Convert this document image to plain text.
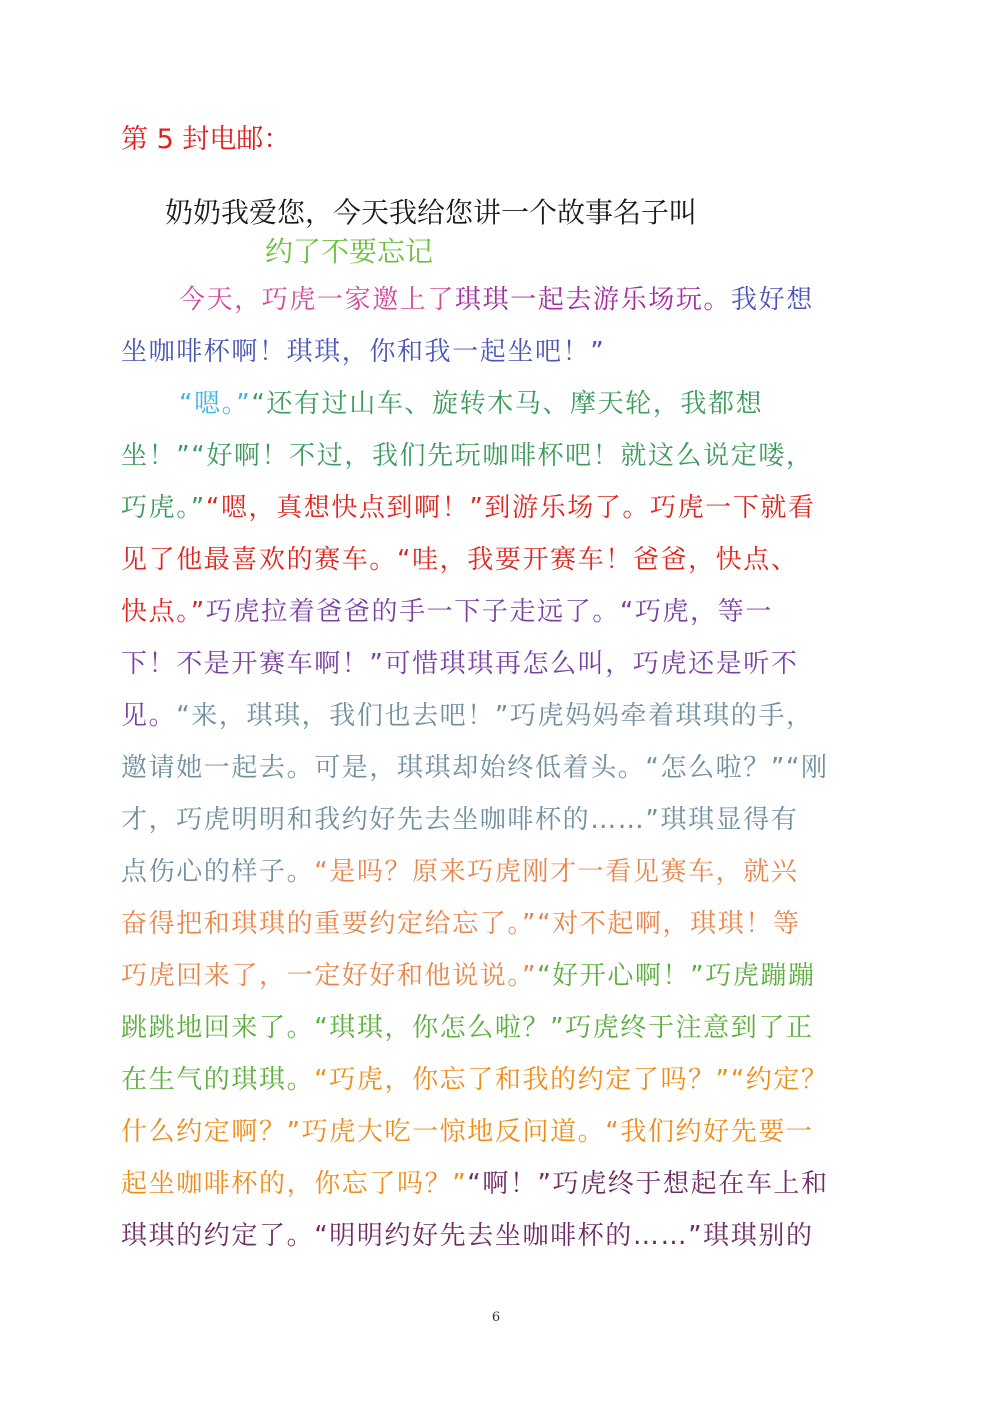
第 5 封电邮：
奶奶我爱您，今天我给您讲一个故事名子叫
约了不要忘记
今天，巧虎一家邀上了琪琪一起去游乐场玩。我好想
坐咖啡杯啊！琪琪，你和我一起坐吧！”
“嗯。”“还有过山车、旋转木马、摩天轮，我都想
坐！”“好啊！不过，我们先玩咖啡杯吧！就这么说定喽，
巧虎。”“嗯，真想快点到啊！”到游乐场了。巧虎一下就看
见了他最喜欢的赛车。“哇，我要开赛车！爸爸，快点、
快点。”巧虎拉着爸爸的手一下子走远了。“巧虎，等一
下！不是开赛车啊！”可惜琪琪再怎么叫，巧虎还是听不
见。“来，琪琪，我们也去吧！”巧虎妈妈牵着琪琪的手，
邀请她一起去。可是，琪琪却始终低着头。“怎么啦？”“刚
才，巧虎明明和我约好先去坐咖啡杯的……”琪琪显得有
点伤心的样子。“是吗？原来巧虎刚才一看见赛车，就兴
奋得把和琪琪的重要约定给忘了。”“对不起啊，琪琪！等
巧虎回来了，一定好好和他说说。”“好开心啊！”巧虎蹦蹦
跳跳地回来了。“琪琪，你怎么啦？”巧虎终于注意到了正
在生气的琪琪。“巧虎，你忘了和我的约定了吗？”“约定？
什么约定啊？”巧虎大吃一惊地反问道。“我们约好先要一
起坐咖啡杯的，你忘了吗？”“啊！”巧虎终于想起在车上和
琪琪的约定了。“明明约好先去坐咖啡杯的……”琪琪别的
6
